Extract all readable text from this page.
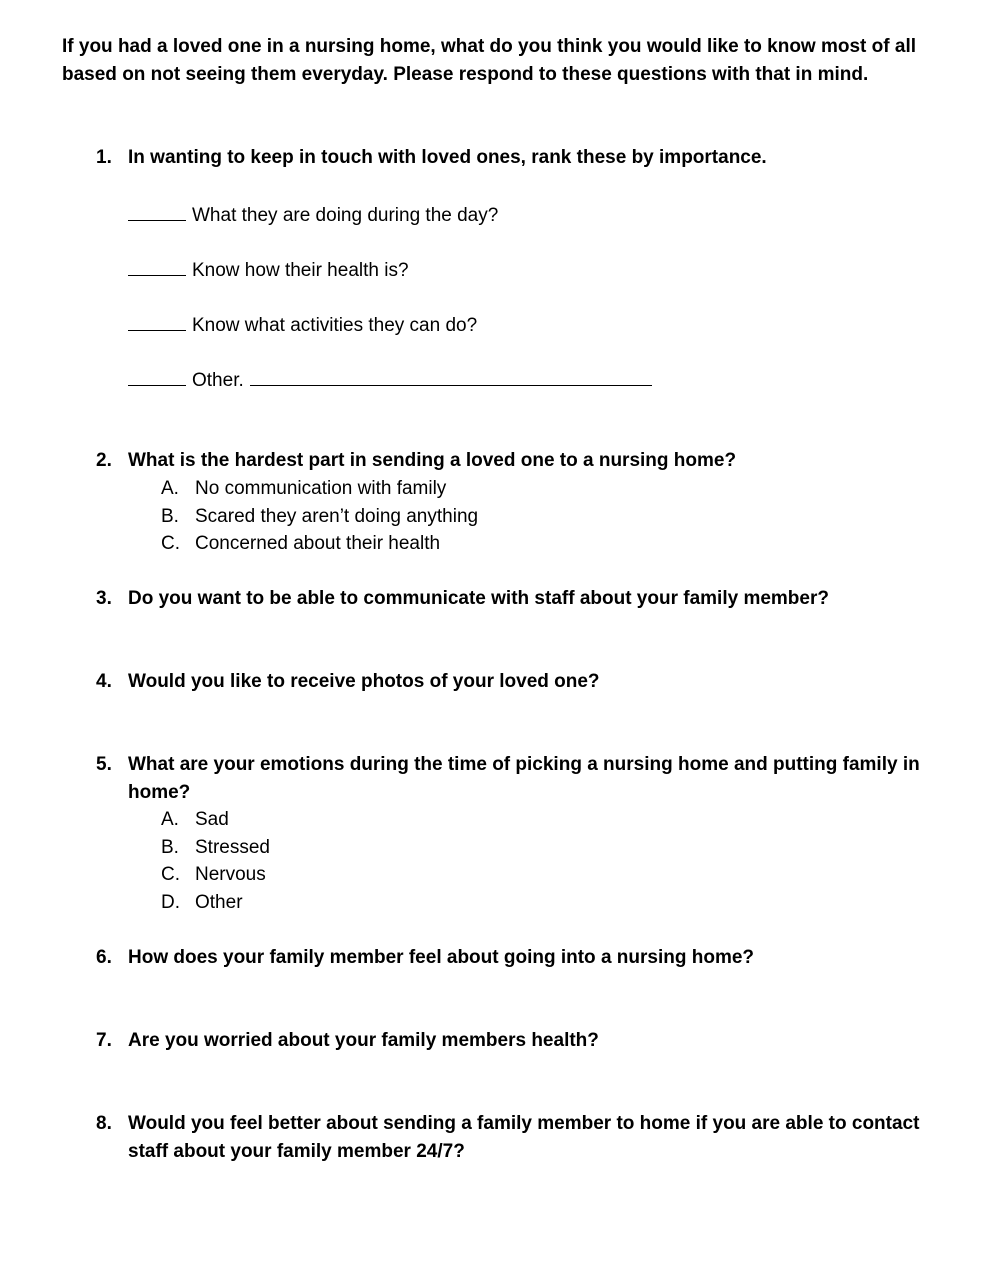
If you had a loved one in a nursing home, what do you think you would like to know most of all based on not seeing them everyday. Please respond to these questions with that in mind.

1. In wanting to keep in touch with loved ones, rank these by importance.
What they are doing during the day?
Know how their health is?
Know what activities they can do?
Other.
2. What is the hardest part in sending a loved one to a nursing home?
A. No communication with family
B. Scared they aren’t doing anything
C. Concerned about their health
3. Do you want to be able to communicate with staff about your family member?
4. Would you like to receive photos of your loved one?
5. What are your emotions during the time of picking a nursing home and putting family in home?
A. Sad
B. Stressed
C. Nervous
D. Other
6. How does your family member feel about going into a nursing home?
7. Are you worried about your family members health?
8. Would you feel better about sending a family member to home if you are able to contact staff about your family member 24/7?
